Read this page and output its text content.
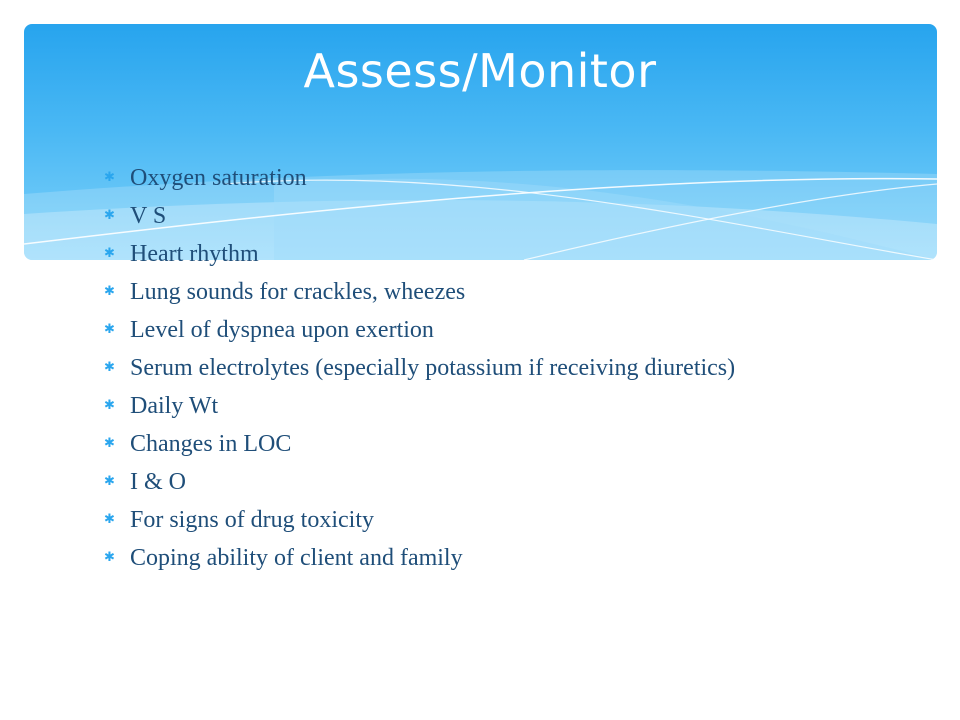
Assess/Monitor
✱ Oxygen saturation
✱ V S
✱ Heart rhythm
✱ Lung sounds for crackles, wheezes
✱ Level of dyspnea upon exertion
✱ Serum electrolytes (especially potassium if receiving diuretics)
✱ Daily Wt
✱ Changes in LOC
✱ I & O
✱ For signs of drug toxicity
✱ Coping ability of client and family
